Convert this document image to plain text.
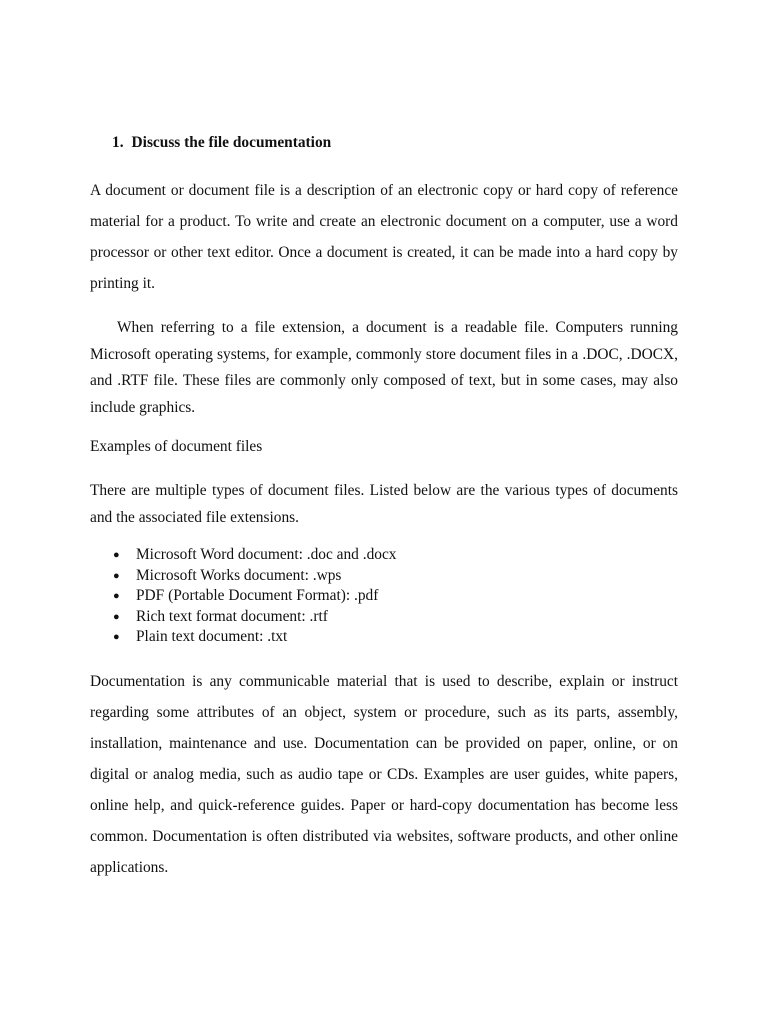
1. Discuss the file documentation

A document or document file is a description of an electronic copy or hard copy of reference material for a product. To write and create an electronic document on a computer, use a word processor or other text editor. Once a document is created, it can be made into a hard copy by printing it.

When referring to a file extension, a document is a readable file. Computers running Microsoft operating systems, for example, commonly store document files in a .DOC, .DOCX, and .RTF file. These files are commonly only composed of text, but in some cases, may also include graphics.

Examples of document files

There are multiple types of document files. Listed below are the various types of documents and the associated file extensions.

● Microsoft Word document: .doc and .docx
● Microsoft Works document: .wps
● PDF (Portable Document Format): .pdf
● Rich text format document: .rtf
● Plain text document: .txt

Documentation is any communicable material that is used to describe, explain or instruct regarding some attributes of an object, system or procedure, such as its parts, assembly, installation, maintenance and use. Documentation can be provided on paper, online, or on digital or analog media, such as audio tape or CDs. Examples are user guides, white papers, online help, and quick-reference guides. Paper or hard-copy documentation has become less common. Documentation is often distributed via websites, software products, and other online applications.
